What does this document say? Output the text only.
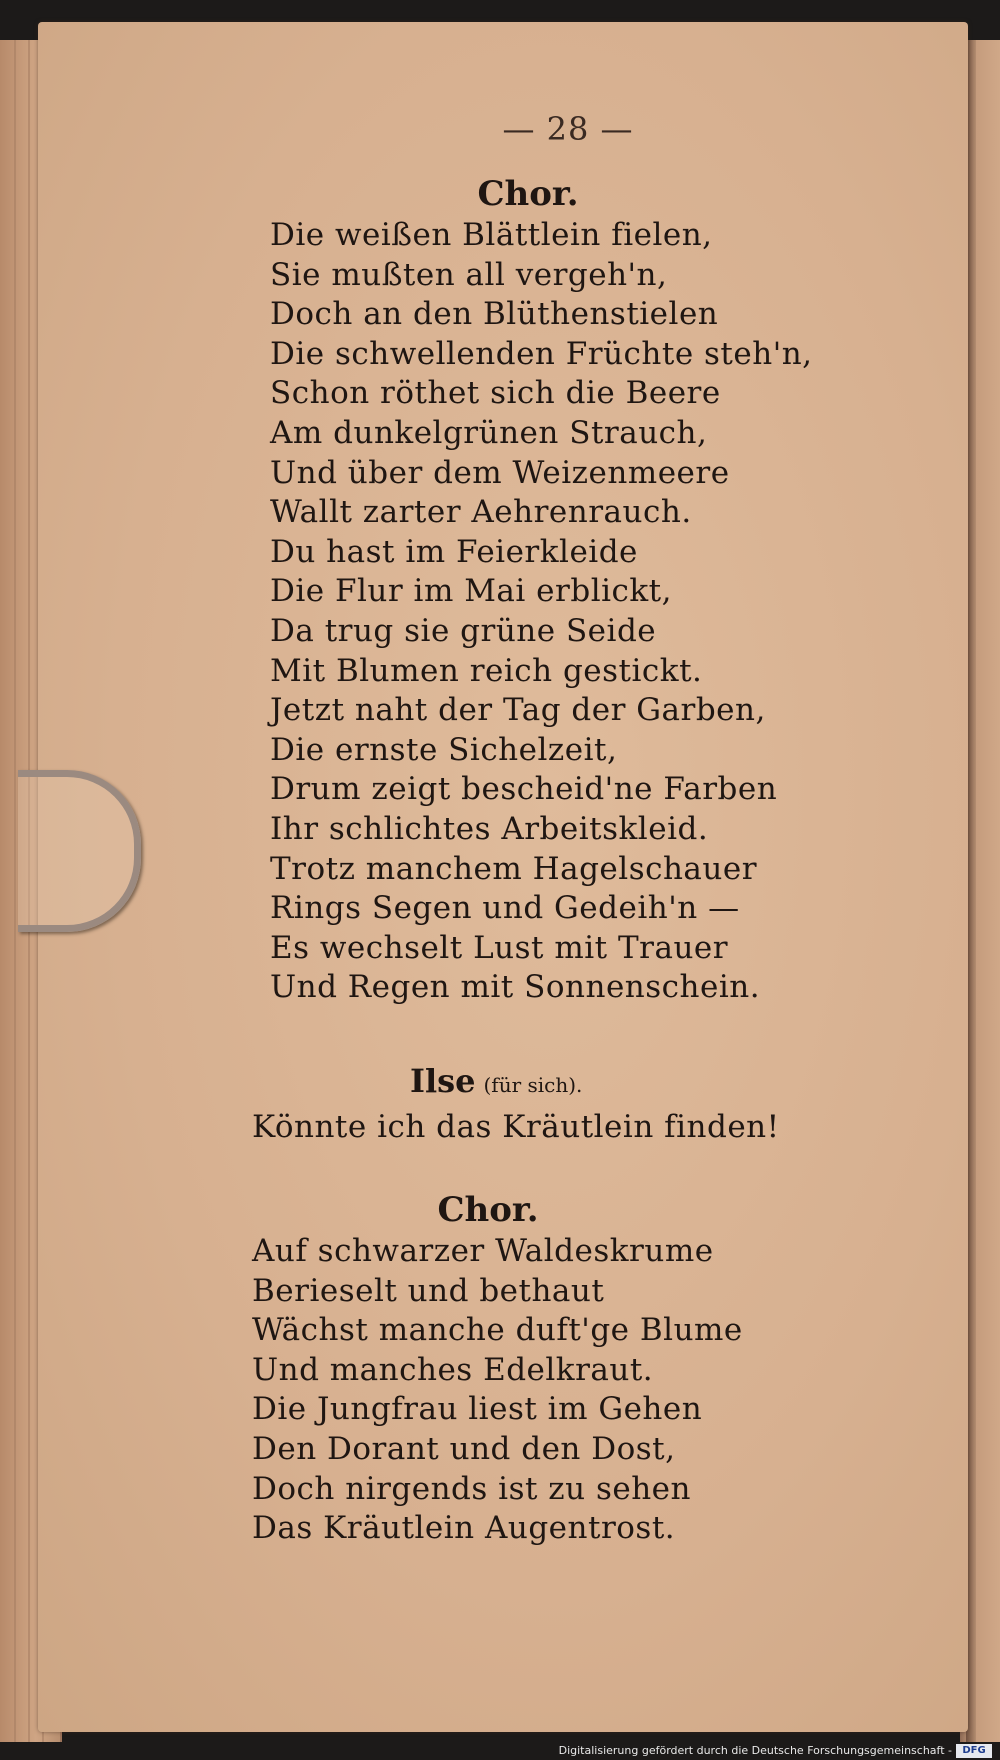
— 28 —
Chor.
Die weißen Blättlein fielen,
Sie mußten all vergeh'n,
Doch an den Blüthenstielen
Die schwellenden Früchte steh'n,
Schon röthet sich die Beere
Am dunkelgrünen Strauch,
Und über dem Weizenmeere
Wallt zarter Aehrenrauch.
Du hast im Feierkleide
Die Flur im Mai erblickt,
Da trug sie grüne Seide
Mit Blumen reich gestickt.
Jetzt naht der Tag der Garben,
Die ernste Sichelzeit,
Drum zeigt bescheid'ne Farben
Ihr schlichtes Arbeitskleid.
Trotz manchem Hagelschauer
Rings Segen und Gedeih'n —
Es wechselt Lust mit Trauer
Und Regen mit Sonnenschein.
Ilse (für sich).
Könnte ich das Kräutlein finden!
Chor.
Auf schwarzer Waldeskrume
Berieselt und bethaut
Wächst manche duft'ge Blume
Und manches Edelkraut.
Die Jungfrau liest im Gehen
Den Dorant und den Dost,
Doch nirgends ist zu sehen
Das Kräutlein Augentrost.
Digitalisierung gefördert durch die Deutsche Forschungsgemeinschaft -	DFG
